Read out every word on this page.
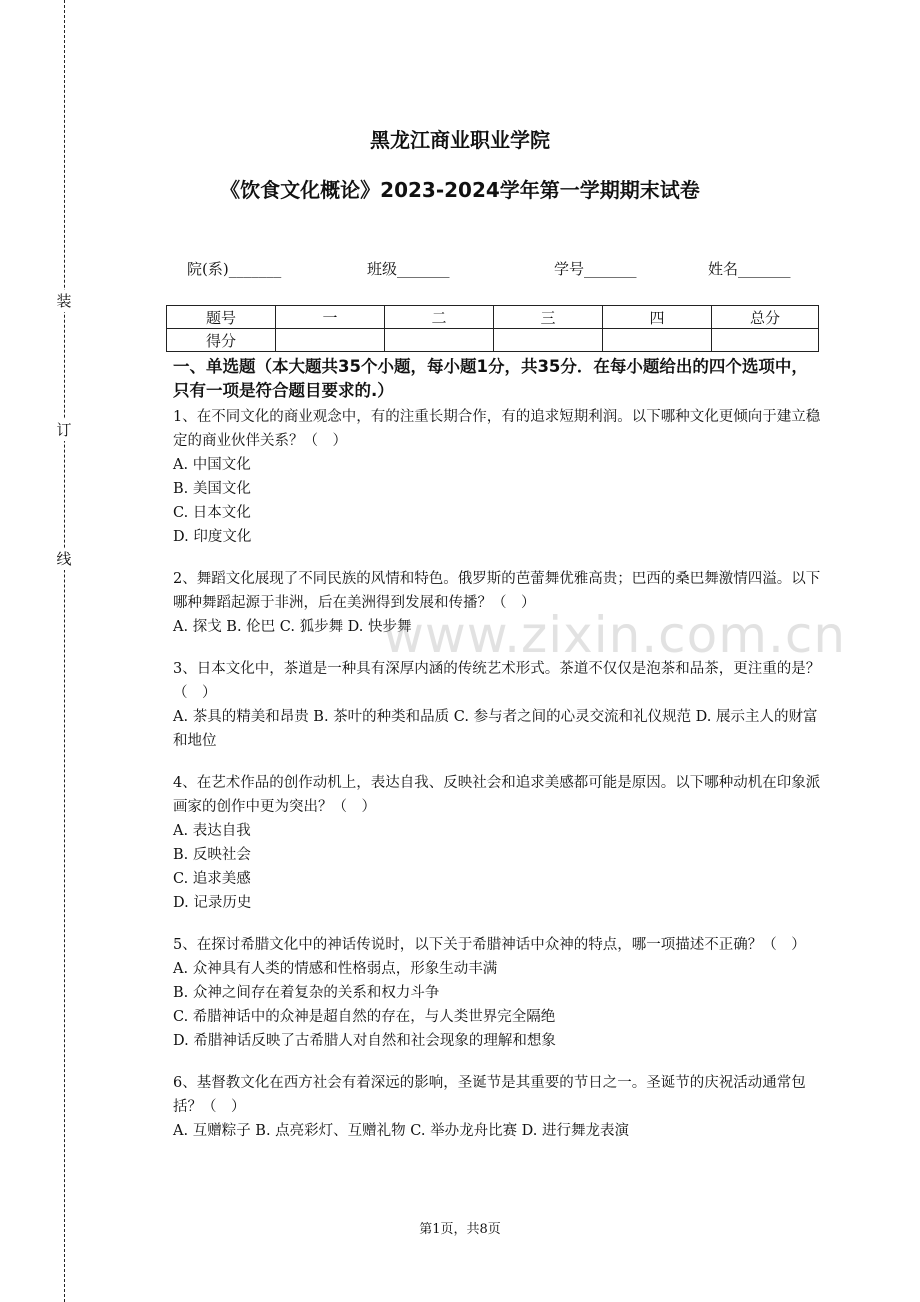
装
订
线
黑龙江商业职业学院
《饮食文化概论》2023-2024学年第一学期期末试卷
院(系)_______	班级_______	学号_______	姓名_______
题号	一	二	三	四	总分
得分					

一、单选题（本大题共35个小题，每小题1分，共35分．在每小题给出的四个选项中，只有一项是符合题目要求的.）

1、在不同文化的商业观念中，有的注重长期合作，有的追求短期利润。以下哪种文化更倾向于建立稳定的商业伙伴关系？（　）

A. 中国文化

B. 美国文化

C. 日本文化

D. 印度文化

2、舞蹈文化展现了不同民族的风情和特色。俄罗斯的芭蕾舞优雅高贵；巴西的桑巴舞激情四溢。以下哪种舞蹈起源于非洲，后在美洲得到发展和传播？（　）

A. 探戈 B. 伦巴 C. 狐步舞 D. 快步舞

3、日本文化中，茶道是一种具有深厚内涵的传统艺术形式。茶道不仅仅是泡茶和品茶，更注重的是？（　）

A. 茶具的精美和昂贵 B. 茶叶的种类和品质 C. 参与者之间的心灵交流和礼仪规范 D. 展示主人的财富和地位

4、在艺术作品的创作动机上，表达自我、反映社会和追求美感都可能是原因。以下哪种动机在印象派画家的创作中更为突出？（　）

A. 表达自我

B. 反映社会

C. 追求美感

D. 记录历史

5、在探讨希腊文化中的神话传说时，以下关于希腊神话中众神的特点，哪一项描述不正确？（　）

A. 众神具有人类的情感和性格弱点，形象生动丰满

B. 众神之间存在着复杂的关系和权力斗争

C. 希腊神话中的众神是超自然的存在，与人类世界完全隔绝

D. 希腊神话反映了古希腊人对自然和社会现象的理解和想象

6、基督教文化在西方社会有着深远的影响，圣诞节是其重要的节日之一。圣诞节的庆祝活动通常包括？（　）

A. 互赠粽子 B. 点亮彩灯、互赠礼物 C. 举办龙舟比赛 D. 进行舞龙表演

www.zixin.com.cn
第1页，共8页
